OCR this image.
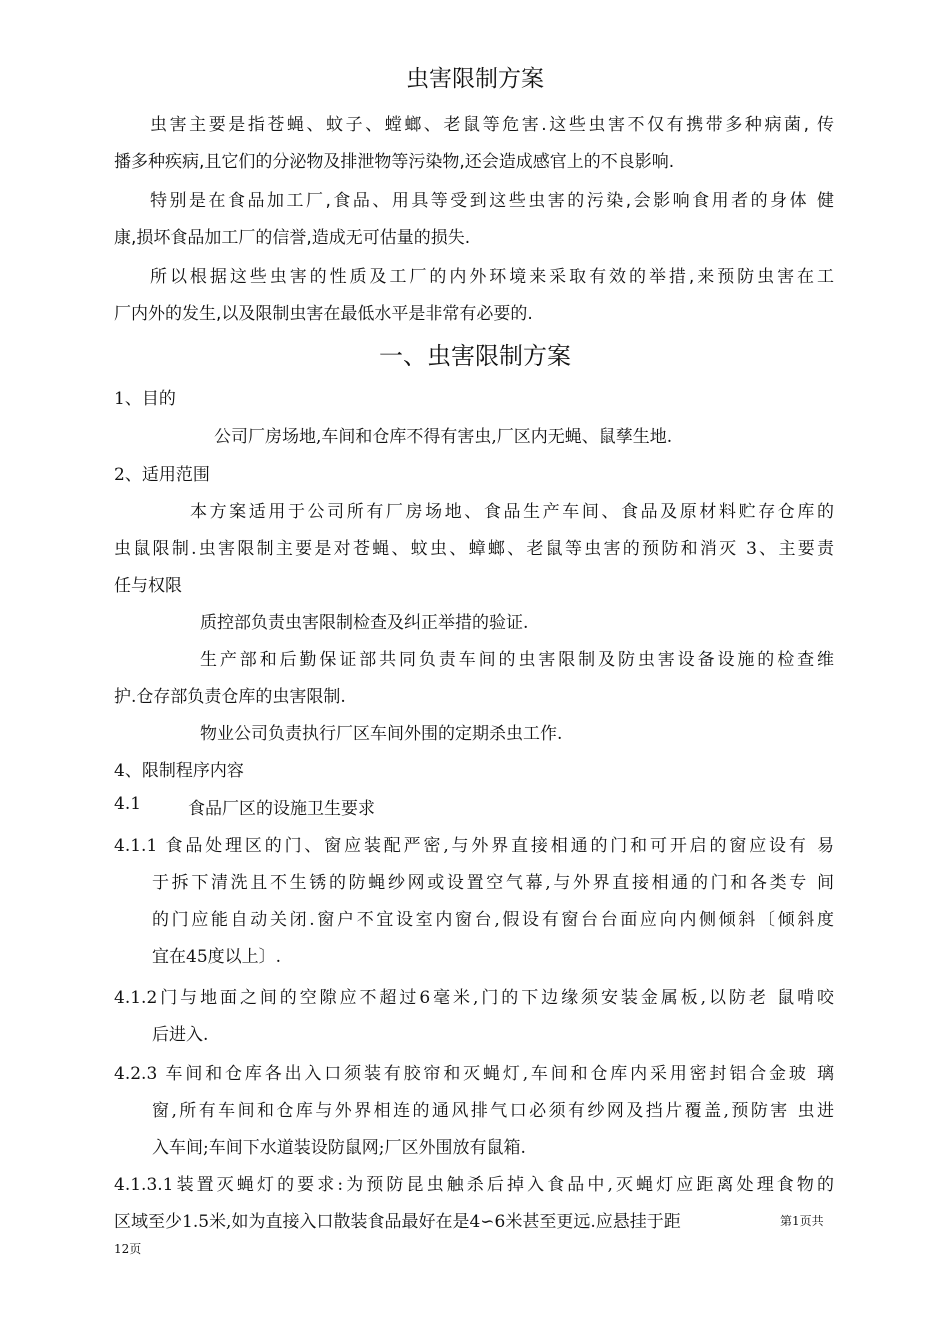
虫害限制方案
虫害主要是指苍蝇、蚊子、螳螂、老鼠等危害.这些虫害不仅有携带多种病菌, 传
播多种疾病,且它们的分泌物及排泄物等污染物,还会造成感官上的不良影响.
特别是在食品加工厂,食品、用具等受到这些虫害的污染,会影响食用者的身体 健
康,损坏食品加工厂的信誉,造成无可估量的损失.
所以根据这些虫害的性质及工厂的内外环境来采取有效的举措,来预防虫害在工
厂内外的发生,以及限制虫害在最低水平是非常有必要的.
一、虫害限制方案
1、目的
公司厂房场地,车间和仓库不得有害虫,厂区内无蝇、鼠孳生地.
2、适用范围
本方案适用于公司所有厂房场地、食品生产车间、食品及原材料贮存仓库的
虫鼠限制.虫害限制主要是对苍蝇、蚊虫、蟑螂、老鼠等虫害的预防和消灭 3、主要责
任与权限
质控部负责虫害限制检查及纠正举措的验证.
生产部和后勤保证部共同负责车间的虫害限制及防虫害设备设施的检查维
护.仓存部负责仓库的虫害限制.
物业公司负责执行厂区车间外围的定期杀虫工作.
4、限制程序内容
4.1	食品厂区的设施卫生要求
4.1.1 食品处理区的门、窗应装配严密,与外界直接相通的门和可开启的窗应设有 易
于拆下清洗且不生锈的防蝇纱网或设置空气幕,与外界直接相通的门和各类专 间
的门应能自动关闭.窗户不宜设室内窗台,假设有窗台台面应向内侧倾斜〔倾斜度
宜在45度以上〕.
4.1.2门与地面之间的空隙应不超过6毫米,门的下边缘须安装金属板,以防老 鼠啃咬
后进入.
4.2.3 车间和仓库各出入口须装有胶帘和灭蝇灯,车间和仓库内采用密封铝合金玻 璃
窗,所有车间和仓库与外界相连的通风排气口必须有纱网及挡片覆盖,预防害 虫进
入车间;车间下水道装设防鼠网;厂区外围放有鼠箱.
4.1.3.1装置灭蝇灯的要求:为预防昆虫触杀后掉入食品中,灭蝇灯应距离处理食物的
区域至少1.5米,如为直接入口散装食品最好在是4∽6米甚至更远.应悬挂于距	第1页共
12页
